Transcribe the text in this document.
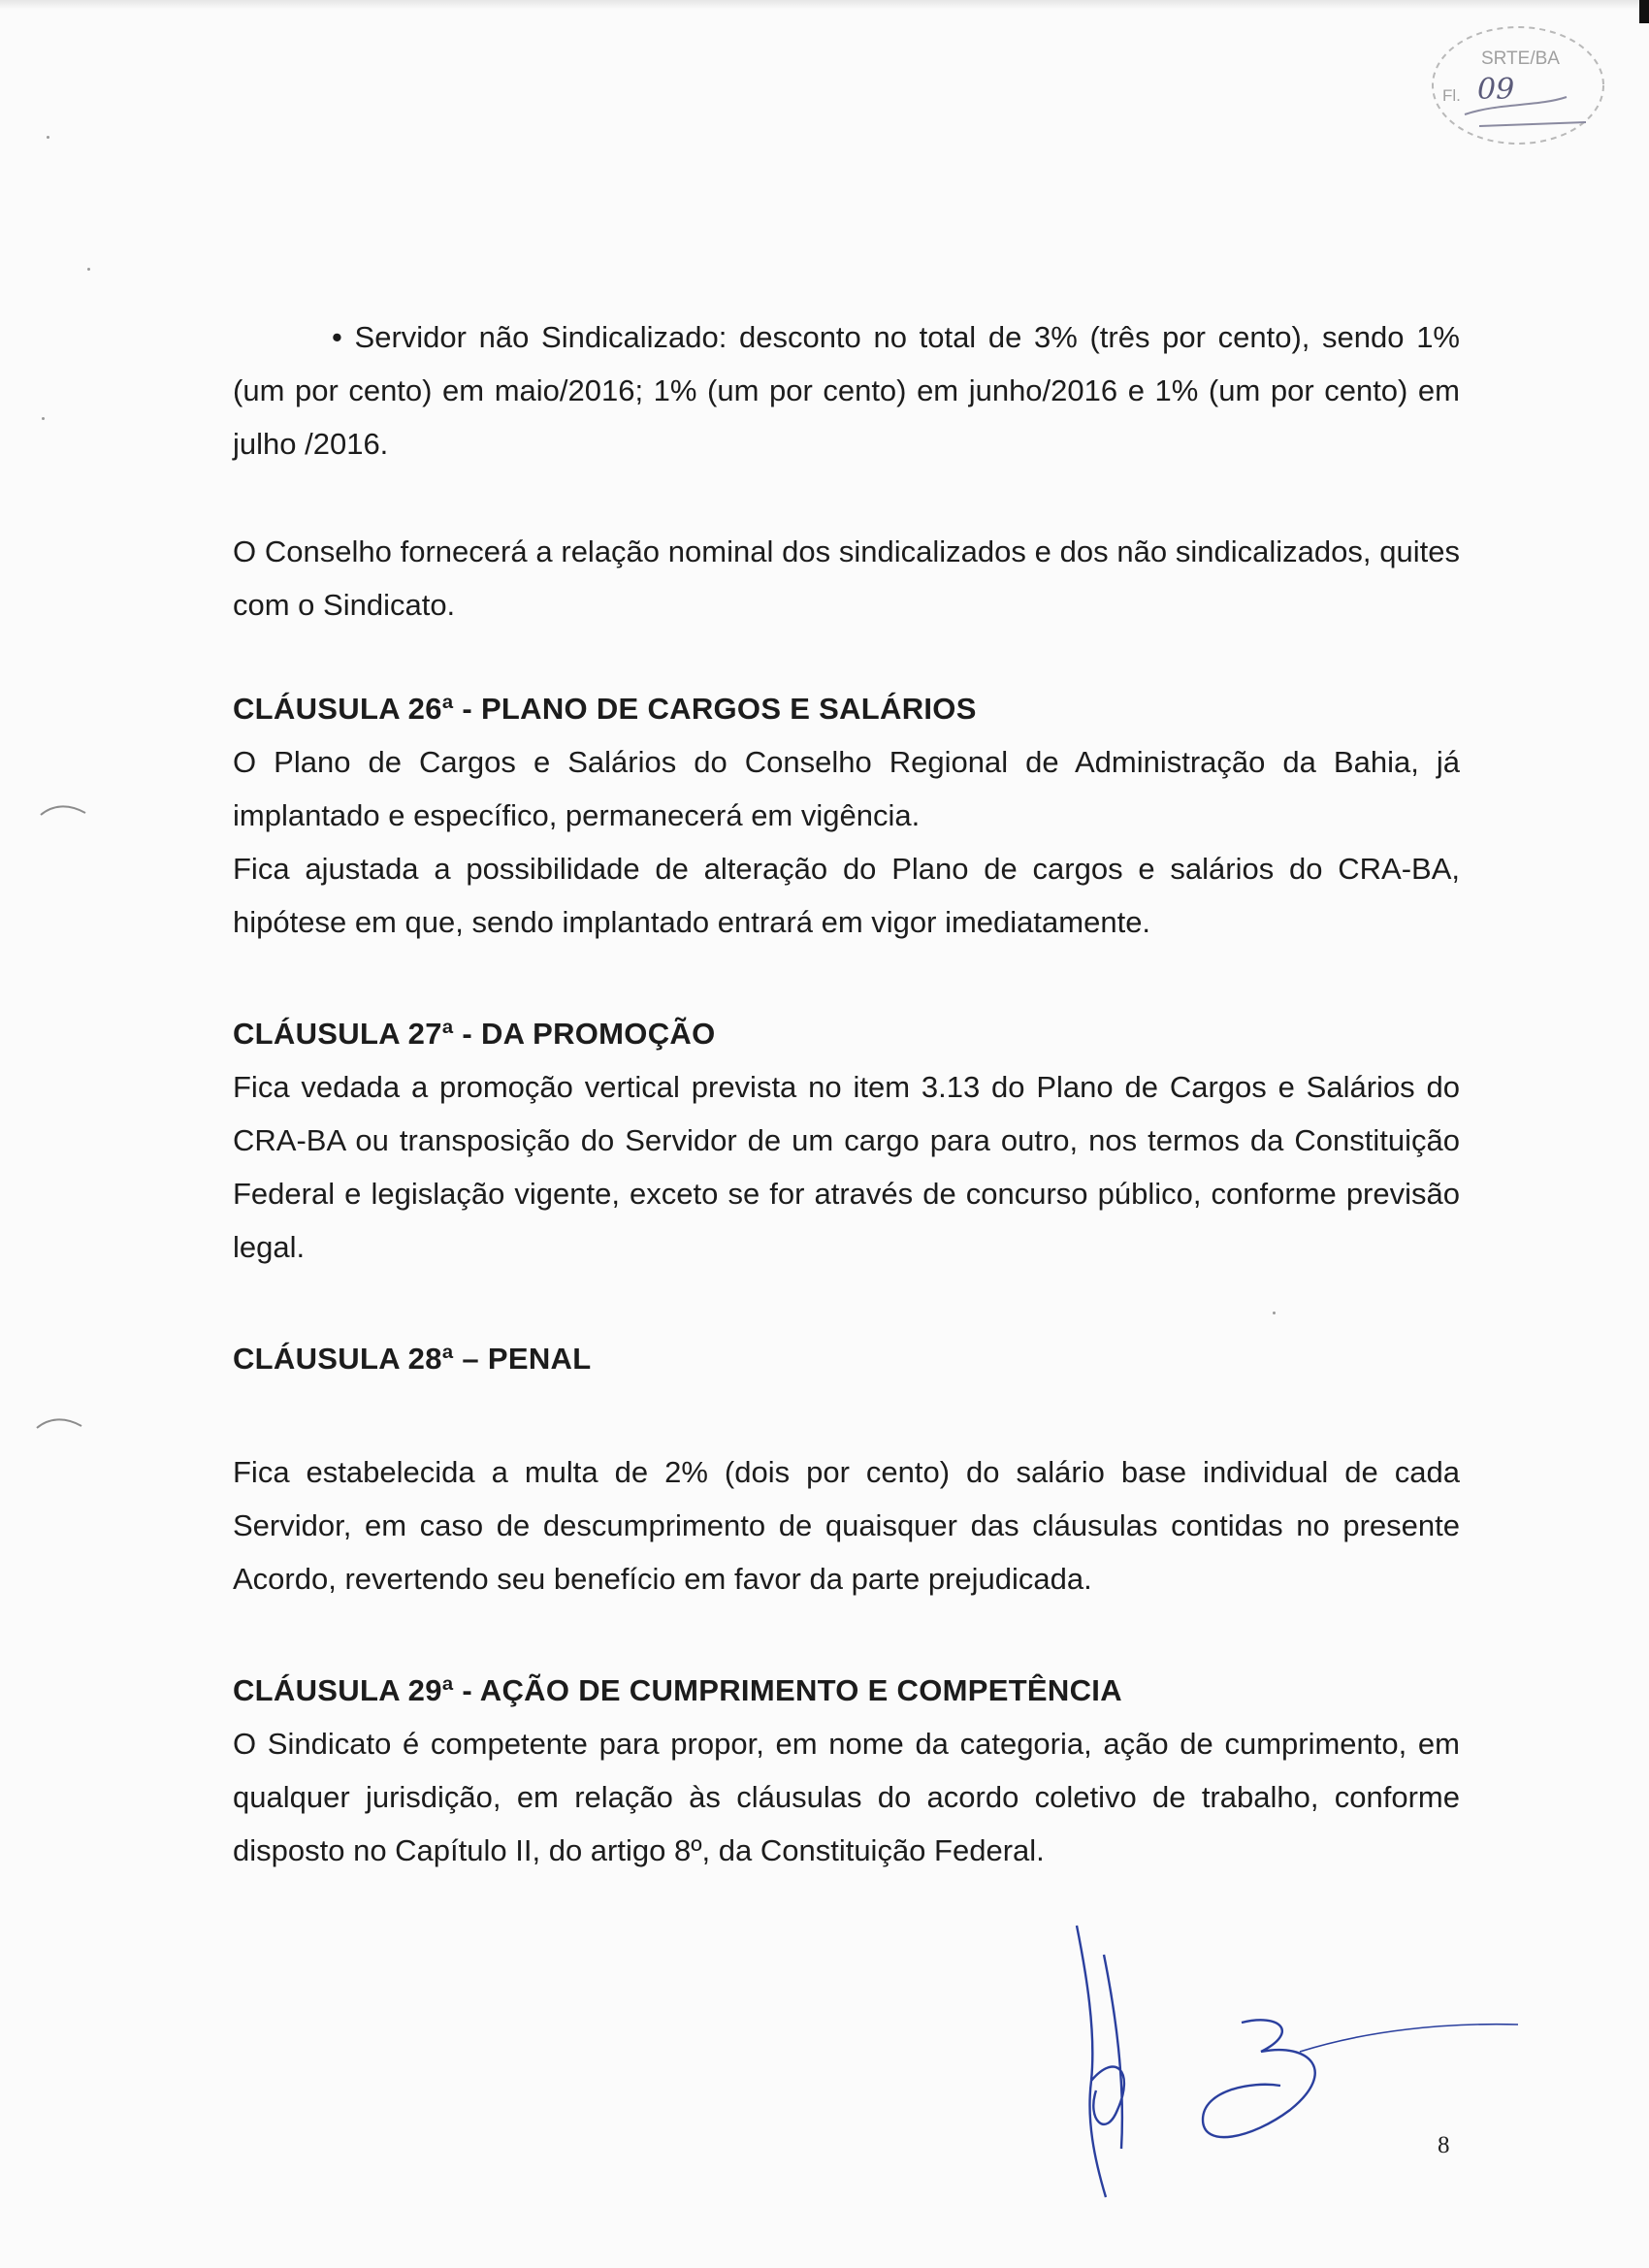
SRTE/BA
Fl. 09

• Servidor não Sindicalizado: desconto no total de 3% (três por cento), sendo 1% (um por cento) em maio/2016; 1% (um por cento) em junho/2016 e 1% (um por cento) em julho /2016.

O Conselho fornecerá a relação nominal dos sindicalizados e dos não sindicalizados, quites com o Sindicato.

CLÁUSULA 26ª - PLANO DE CARGOS E SALÁRIOS

O Plano de Cargos e Salários do Conselho Regional de Administração da Bahia, já implantado e específico, permanecerá em vigência.

Fica ajustada a possibilidade de alteração do Plano de cargos e salários do CRA-BA, hipótese em que, sendo implantado entrará em vigor imediatamente.

CLÁUSULA 27ª - DA PROMOÇÃO

Fica vedada a promoção vertical prevista no item 3.13 do Plano de Cargos e Salários do CRA-BA ou transposição do Servidor de um cargo para outro, nos termos da Constituição Federal e legislação vigente, exceto se for através de concurso público, conforme previsão legal.

CLÁUSULA 28ª – PENAL

Fica estabelecida a multa de 2% (dois por cento) do salário base individual de cada Servidor, em caso de descumprimento de quaisquer das cláusulas contidas no presente Acordo, revertendo seu benefício em favor da parte prejudicada.

CLÁUSULA 29ª - AÇÃO DE CUMPRIMENTO E COMPETÊNCIA

O Sindicato é competente para propor, em nome da categoria, ação de cumprimento, em qualquer jurisdição, em relação às cláusulas do acordo coletivo de trabalho, conforme disposto no Capítulo II, do artigo 8º, da Constituição Federal.

8
